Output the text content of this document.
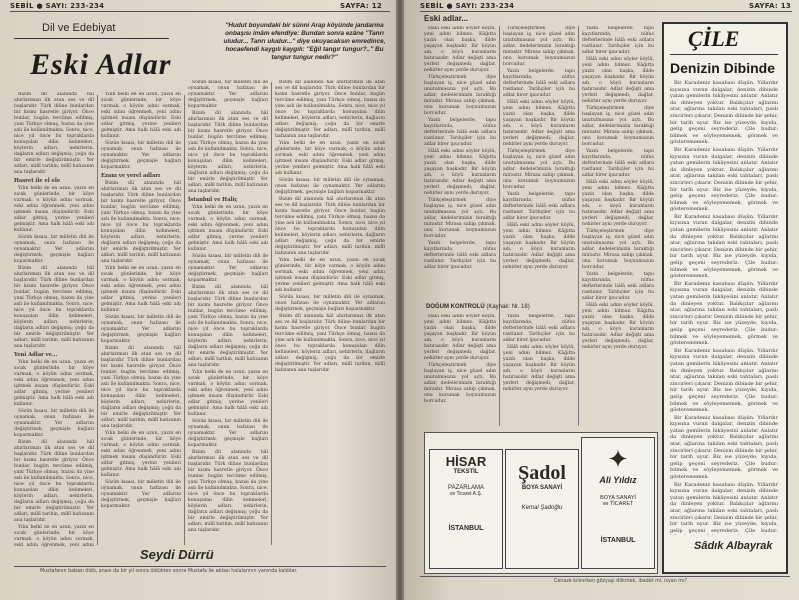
SEBİL ● SAYI: 233-234	SAYFA: 12
Dil ve Edebiyat
Eski Adlar
"Hudut boyundaki bir sünni Arap köyünde jandarma onbaşısı imâm efendiye: Bundan sonra ezâne ''Tanrı uludur... Tanrı uludur...'' diye okuyacaksın emredince, hocaefendi kaygılı kaygılı: ''Eğil tangır tungur?..'' Bu tangur tungur nedir?"

Bizim dil alanında hâl ahırlarımızı ilk atan ses ve dil başlarıdır. Türk diline bunlardan bir kısmı hasretle giriyor. Önce bunlar, bugün tercüme edilmiş, yani Türkçe olmuş, bazısı da yine aslı ile kullanılmakta. Sonra, nice, nice yıl önce bu topraklarda konuşulan dilin kelimeleri, köylerin adları, nehirlerin, dağların adları değişmiş; çoğu da bir emirle değiştirilmiştir. Yer adları, millî tarihin, millî hafızanın ana taşlarıdır.

Hasret ile el ele

Yılın belki de en uzun, yazın en sıcak günlerinde, bir köye varmak, o köyün adını sormak, eski adını öğrenmek, yeni adını işitmek insanı düşündürür. Eski adlar gitmiş, yerine yenileri gelmiştir. Ama halk hâlâ eski adı kullanır.

Sözün kısası, bir milletin dili ile oynamak, onun hafızası ile oynamaktır. Yer adlarını değiştirmek, geçmişle bağları koparmaktır.

Bizim dil alanında hâl ahırlarımızı ilk atan ses ve dil başlarıdır. Türk diline bunlardan bir kısmı hasretle giriyor. Önce bunlar, bugün tercüme edilmiş, yani Türkçe olmuş, bazısı da yine aslı ile kullanılmakta. Sonra, nice, nice yıl önce bu topraklarda konuşulan dilin kelimeleri, köylerin adları, nehirlerin, dağların adları değişmiş; çoğu da bir emirle değiştirilmiştir. Yer adları, millî tarihin, millî hafızanın ana taşlarıdır.

Yeni Adlar ve...

Yılın belki de en uzun, yazın en sıcak günlerinde, bir köye varmak, o köyün adını sormak, eski adını öğrenmek, yeni adını işitmek insanı düşündürür. Eski adlar gitmiş, yerine yenileri gelmiştir. Ama halk hâlâ eski adı kullanır.

Sözün kısası, bir milletin dili ile oynamak, onun hafızası ile oynamaktır. Yer adlarını değiştirmek, geçmişle bağları koparmaktır.

Bizim dil alanında hâl ahırlarımızı ilk atan ses ve dil başlarıdır. Türk diline bunlardan bir kısmı hasretle giriyor. Önce bunlar, bugün tercüme edilmiş, yani Türkçe olmuş, bazısı da yine aslı ile kullanılmakta. Sonra, nice, nice yıl önce bu topraklarda konuşulan dilin kelimeleri, köylerin adları, nehirlerin, dağların adları değişmiş; çoğu da bir emirle değiştirilmiştir. Yer adları, millî tarihin, millî hafızanın ana taşlarıdır.

Yılın belki de en uzun, yazın en sıcak günlerinde, bir köye varmak, o köyün adını sormak, eski adını öğrenmek, yeni adını

Yılın belki de en uzun, yazın en sıcak günlerinde, bir köye varmak, o köyün adını sormak, eski adını öğrenmek, yeni adını işitmek insanı düşündürür. Eski adlar gitmiş, yerine yenileri gelmiştir. Ama halk hâlâ eski adı kullanır.

Sözün kısası, bir milletin dili ile oynamak, onun hafızası ile oynamaktır. Yer adlarını değiştirmek, geçmişle bağları koparmaktır.

Ezanı ve yerel adları

Bizim dil alanında hâl ahırlarımızı ilk atan ses ve dil başlarıdır. Türk diline bunlardan bir kısmı hasretle giriyor. Önce bunlar, bugün tercüme edilmiş, yani Türkçe olmuş, bazısı da yine aslı ile kullanılmakta. Sonra, nice, nice yıl önce bu topraklarda konuşulan dilin kelimeleri, köylerin adları, nehirlerin, dağların adları değişmiş; çoğu da bir emirle değiştirilmiştir. Yer adları, millî tarihin, millî hafızanın ana taşlarıdır.

Yılın belki de en uzun, yazın en sıcak günlerinde, bir köye varmak, o köyün adını sormak, eski adını öğrenmek, yeni adını işitmek insanı düşündürür. Eski adlar gitmiş, yerine yenileri gelmiştir. Ama halk hâlâ eski adı kullanır.

Sözün kısası, bir milletin dili ile oynamak, onun hafızası ile oynamaktır. Yer adlarını değiştirmek, geçmişle bağları koparmaktır.

Bizim dil alanında hâl ahırlarımızı ilk atan ses ve dil başlarıdır. Türk diline bunlardan bir kısmı hasretle giriyor. Önce bunlar, bugün tercüme edilmiş, yani Türkçe olmuş, bazısı da yine aslı ile kullanılmakta. Sonra, nice, nice yıl önce bu topraklarda konuşulan dilin kelimeleri, köylerin adları, nehirlerin, dağların adları değişmiş; çoğu da bir emirle değiştirilmiştir. Yer adları, millî tarihin, millî hafızanın ana taşlarıdır.

Yılın belki de en uzun, yazın en sıcak günlerinde, bir köye varmak, o köyün adını sormak, eski adını öğrenmek, yeni adını işitmek insanı düşündürür. Eski adlar gitmiş, yerine yenileri gelmiştir. Ama halk hâlâ eski adı kullanır.

Sözün kısası, bir milletin dili ile oynamak, onun hafızası ile oynamaktır. Yer adlarını değiştirmek, geçmişle bağları koparmaktır.

Sözün kısası, bir milletin dili ile oynamak, onun hafızası ile oynamaktır. Yer adlarını değiştirmek, geçmişle bağları koparmaktır.

Bizim dil alanında hâl ahırlarımızı ilk atan ses ve dil başlarıdır. Türk diline bunlardan bir kısmı hasretle giriyor. Önce bunlar, bugün tercüme edilmiş, yani Türkçe olmuş, bazısı da yine aslı ile kullanılmakta. Sonra, nice, nice yıl önce bu topraklarda konuşulan dilin kelimeleri, köylerin adları, nehirlerin, dağların adları değişmiş; çoğu da bir emirle değiştirilmiştir. Yer adları, millî tarihin, millî hafızanın ana taşlarıdır.

İstanbul ve Haliç

Yılın belki de en uzun, yazın en sıcak günlerinde, bir köye varmak, o köyün adını sormak, eski adını öğrenmek, yeni adını işitmek insanı düşündürür. Eski adlar gitmiş, yerine yenileri gelmiştir. Ama halk hâlâ eski adı kullanır.

Sözün kısası, bir milletin dili ile oynamak, onun hafızası ile oynamaktır. Yer adlarını değiştirmek, geçmişle bağları koparmaktır.

Bizim dil alanında hâl ahırlarımızı ilk atan ses ve dil başlarıdır. Türk diline bunlardan bir kısmı hasretle giriyor. Önce bunlar, bugün tercüme edilmiş, yani Türkçe olmuş, bazısı da yine aslı ile kullanılmakta. Sonra, nice, nice yıl önce bu topraklarda konuşulan dilin kelimeleri, köylerin adları, nehirlerin, dağların adları değişmiş; çoğu da bir emirle değiştirilmiştir. Yer adları, millî tarihin, millî hafızanın ana taşlarıdır.

Yılın belki de en uzun, yazın en sıcak günlerinde, bir köye varmak, o köyün adını sormak, eski adını öğrenmek, yeni adını işitmek insanı düşündürür. Eski adlar gitmiş, yerine yenileri gelmiştir. Ama halk hâlâ eski adı kullanır.

Sözün kısası, bir milletin dili ile oynamak, onun hafızası ile oynamaktır. Yer adlarını değiştirmek, geçmişle bağları koparmaktır.

Bizim dil alanında hâl ahırlarımızı ilk atan ses ve dil başlarıdır. Türk diline bunlardan bir kısmı hasretle giriyor. Önce bunlar, bugün tercüme edilmiş, yani Türkçe olmuş, bazısı da yine aslı ile kullanılmakta. Sonra, nice, nice yıl önce bu topraklarda konuşulan dilin kelimeleri, köylerin adları, nehirlerin, dağların adları değişmiş; çoğu da bir emirle değiştirilmiştir. Yer adları, millî tarihin, millî hafızanın ana taşlarıdır.

Bizim dil alanında hâl ahırlarımızı ilk atan ses ve dil başlarıdır. Türk diline bunlardan bir kısmı hasretle giriyor. Önce bunlar, bugün tercüme edilmiş, yani Türkçe olmuş, bazısı da yine aslı ile kullanılmakta. Sonra, nice, nice yıl önce bu topraklarda konuşulan dilin kelimeleri, köylerin adları, nehirlerin, dağların adları değişmiş; çoğu da bir emirle değiştirilmiştir. Yer adları, millî tarihin, millî hafızanın ana taşlarıdır.

Yılın belki de en uzun, yazın en sıcak günlerinde, bir köye varmak, o köyün adını sormak, eski adını öğrenmek, yeni adını işitmek insanı düşündürür. Eski adlar gitmiş, yerine yenileri gelmiştir. Ama halk hâlâ eski adı kullanır.

Sözün kısası, bir milletin dili ile oynamak, onun hafızası ile oynamaktır. Yer adlarını değiştirmek, geçmişle bağları koparmaktır.

Bizim dil alanında hâl ahırlarımızı ilk atan ses ve dil başlarıdır. Türk diline bunlardan bir kısmı hasretle giriyor. Önce bunlar, bugün tercüme edilmiş, yani Türkçe olmuş, bazısı da yine aslı ile kullanılmakta. Sonra, nice, nice yıl önce bu topraklarda konuşulan dilin kelimeleri, köylerin adları, nehirlerin, dağların adları değişmiş; çoğu da bir emirle değiştirilmiştir. Yer adları, millî tarihin, millî hafızanın ana taşlarıdır.

Yılın belki de en uzun, yazın en sıcak günlerinde, bir köye varmak, o köyün adını sormak, eski adını öğrenmek, yeni adını işitmek insanı düşündürür. Eski adlar gitmiş, yerine yenileri gelmiştir. Ama halk hâlâ eski adı kullanır.

Sözün kısası, bir milletin dili ile oynamak, onun hafızası ile oynamaktır. Yer adlarını değiştirmek, geçmişle bağları koparmaktır.

Bizim dil alanında hâl ahırlarımızı ilk atan ses ve dil başlarıdır. Türk diline bunlardan bir kısmı hasretle giriyor. Önce bunlar, bugün tercüme edilmiş, yani Türkçe olmuş, bazısı da yine aslı ile kullanılmakta. Sonra, nice, nice yıl önce bu topraklarda konuşulan dilin kelimeleri, köylerin adları, nehirlerin, dağların adları değişmiş; çoğu da bir emirle değiştirilmiştir. Yer adları, millî tarihin, millî hafızanın ana taşlarıdır.

Seydi Dürrü
Mustafanın babası öldü, anası da bir yıl sonra öldükten sonra Mustafa ile ablası halalarının yanında kaldılar.
SEBİL ● SAYI: 233-234	SAYFA: 13
Eski adlar...

Hâlâ eski adını söyler köylü, yeni adını bilmez. Kâğıtta yazılı olan başka, dilde yaşayan başkadır. Bir köyün adı, o köyü kuranların hatırasıdır. Adlar değişti ama yerleri değişmedi; dağlar, nehirler aynı yerde duruyor.

Türkçeleştirmek diye başlayan iş, nice güzel adın unutulmasına yol açtı. Bu adlar, dedelerimizin bıraktığı mirastır. Mirasa sahip çıkmak, onu korumak boynumuzun borcudur.

Yazılı belgelerde, tapu kayıtlarında, nüfus defterlerinde hâlâ eski adlara rastlanır. Tarihçiler için bu adlar birer ipucudur.

Hâlâ eski adını söyler köylü, yeni adını bilmez. Kâğıtta yazılı olan başka, dilde yaşayan başkadır. Bir köyün adı, o köyü kuranların hatırasıdır. Adlar değişti ama yerleri değişmedi; dağlar, nehirler aynı yerde duruyor.

Türkçeleştirmek diye başlayan iş, nice güzel adın unutulmasına yol açtı. Bu adlar, dedelerimizin bıraktığı mirastır. Mirasa sahip çıkmak, onu korumak boynumuzun borcudur.

Yazılı belgelerde, tapu kayıtlarında, nüfus defterlerinde hâlâ eski adlara rastlanır. Tarihçiler için bu adlar birer ipucudur.

Türkçeleştirmek diye başlayan iş, nice güzel adın unutulmasına yol açtı. Bu adlar, dedelerimizin bıraktığı mirastır. Mirasa sahip çıkmak, onu korumak boynumuzun borcudur.

Yazılı belgelerde, tapu kayıtlarında, nüfus defterlerinde hâlâ eski adlara rastlanır. Tarihçiler için bu adlar birer ipucudur.

Hâlâ eski adını söyler köylü, yeni adını bilmez. Kâğıtta yazılı olan başka, dilde yaşayan başkadır. Bir köyün adı, o köyü kuranların hatırasıdır. Adlar değişti ama yerleri değişmedi; dağlar, nehirler aynı yerde duruyor.

Türkçeleştirmek diye başlayan iş, nice güzel adın unutulmasına yol açtı. Bu adlar, dedelerimizin bıraktığı mirastır. Mirasa sahip çıkmak, onu korumak boynumuzun borcudur.

Yazılı belgelerde, tapu kayıtlarında, nüfus defterlerinde hâlâ eski adlara rastlanır. Tarihçiler için bu adlar birer ipucudur.

Hâlâ eski adını söyler köylü, yeni adını bilmez. Kâğıtta yazılı olan başka, dilde yaşayan başkadır. Bir köyün adı, o köyü kuranların hatırasıdır. Adlar değişti ama yerleri değişmedi; dağlar, nehirler aynı yerde duruyor.

Yazılı belgelerde, tapu kayıtlarında, nüfus defterlerinde hâlâ eski adlara rastlanır. Tarihçiler için bu adlar birer ipucudur.

Hâlâ eski adını söyler köylü, yeni adını bilmez. Kâğıtta yazılı olan başka, dilde yaşayan başkadır. Bir köyün adı, o köyü kuranların hatırasıdır. Adlar değişti ama yerleri değişmedi; dağlar, nehirler aynı yerde duruyor.

Türkçeleştirmek diye başlayan iş, nice güzel adın unutulmasına yol açtı. Bu adlar, dedelerimizin bıraktığı mirastır. Mirasa sahip çıkmak, onu korumak boynumuzun borcudur.

Yazılı belgelerde, tapu kayıtlarında, nüfus defterlerinde hâlâ eski adlara rastlanır. Tarihçiler için bu adlar birer ipucudur.

Hâlâ eski adını söyler köylü, yeni adını bilmez. Kâğıtta yazılı olan başka, dilde yaşayan başkadır. Bir köyün adı, o köyü kuranların hatırasıdır. Adlar değişti ama yerleri değişmedi; dağlar, nehirler aynı yerde duruyor.

Türkçeleştirmek diye başlayan iş, nice güzel adın unutulmasına yol açtı. Bu adlar, dedelerimizin bıraktığı mirastır. Mirasa sahip çıkmak, onu korumak boynumuzun borcudur.

Yazılı belgelerde, tapu kayıtlarında, nüfus defterlerinde hâlâ eski adlara rastlanır. Tarihçiler için bu adlar birer ipucudur.

Hâlâ eski adını söyler köylü, yeni adını bilmez. Kâğıtta yazılı olan başka, dilde yaşayan başkadır. Bir köyün adı, o köyü kuranların hatırasıdır. Adlar değişti ama yerleri değişmedi; dağlar, nehirler aynı yerde duruyor.

DOĞUM KONTROLÜ (Kaynak: Nr. 18)

Hâlâ eski adını söyler köylü, yeni adını bilmez. Kâğıtta yazılı olan başka, dilde yaşayan başkadır. Bir köyün adı, o köyü kuranların hatırasıdır. Adlar değişti ama yerleri değişmedi; dağlar, nehirler aynı yerde duruyor.

Türkçeleştirmek diye başlayan iş, nice güzel adın unutulmasına yol açtı. Bu adlar, dedelerimizin bıraktığı mirastır. Mirasa sahip çıkmak, onu korumak boynumuzun borcudur.

Yazılı belgelerde, tapu kayıtlarında, nüfus defterlerinde hâlâ eski adlara rastlanır. Tarihçiler için bu adlar birer ipucudur.

Hâlâ eski adını söyler köylü, yeni adını bilmez. Kâğıtta yazılı olan başka, dilde yaşayan başkadır. Bir köyün adı, o köyü kuranların hatırasıdır. Adlar değişti ama yerleri değişmedi; dağlar, nehirler aynı yerde duruyor.

HİSAR
TEKSTİL
PAZARLAMA
ve Ticaret A.Ş.
İSTANBUL
Şadol
BOYA SANAYİ
Kemal Şadoğlu
✦
Ali Yıldız
BOYA SANAYİ
ve TİCARET
İSTANBUL
ÇİLE
Denizin Dibinde

Bir Karadeniz kasabası düşün. Yıllardır kıyısına vuran dalgalar, denizin dibinde yatan gemilerin hikâyesini anlatır. Anlatır da dinleyen yoktur. Balıkçılar ağlarını atar, ağlarına takılan eski tahtaları, paslı zincirleri çıkarır. Denizin dibinde bir şehir, bir tarih uyur. Biz ise yüzeyde, kıyıda, gelip geçeni seyrederiz. Çile budur: bilmek ve söyleyememek, görmek ve gösterememek.

Bir Karadeniz kasabası düşün. Yıllardır kıyısına vuran dalgalar, denizin dibinde yatan gemilerin hikâyesini anlatır. Anlatır da dinleyen yoktur. Balıkçılar ağlarını atar, ağlarına takılan eski tahtaları, paslı zincirleri çıkarır. Denizin dibinde bir şehir, bir tarih uyur. Biz ise yüzeyde, kıyıda, gelip geçeni seyrederiz. Çile budur: bilmek ve söyleyememek, görmek ve gösterememek.

Bir Karadeniz kasabası düşün. Yıllardır kıyısına vuran dalgalar, denizin dibinde yatan gemilerin hikâyesini anlatır. Anlatır da dinleyen yoktur. Balıkçılar ağlarını atar, ağlarına takılan eski tahtaları, paslı zincirleri çıkarır. Denizin dibinde bir şehir, bir tarih uyur. Biz ise yüzeyde, kıyıda, gelip geçeni seyrederiz. Çile budur: bilmek ve söyleyememek, görmek ve gösterememek.

Bir Karadeniz kasabası düşün. Yıllardır kıyısına vuran dalgalar, denizin dibinde yatan gemilerin hikâyesini anlatır. Anlatır da dinleyen yoktur. Balıkçılar ağlarını atar, ağlarına takılan eski tahtaları, paslı zincirleri çıkarır. Denizin dibinde bir şehir, bir tarih uyur. Biz ise yüzeyde, kıyıda, gelip geçeni seyrederiz. Çile budur: bilmek ve söyleyememek, görmek ve gösterememek.

Bir Karadeniz kasabası düşün. Yıllardır kıyısına vuran dalgalar, denizin dibinde yatan gemilerin hikâyesini anlatır. Anlatır da dinleyen yoktur. Balıkçılar ağlarını atar, ağlarına takılan eski tahtaları, paslı zincirleri çıkarır. Denizin dibinde bir şehir, bir tarih uyur. Biz ise yüzeyde, kıyıda, gelip geçeni seyrederiz. Çile budur: bilmek ve söyleyememek, görmek ve gösterememek.

Bir Karadeniz kasabası düşün. Yıllardır kıyısına vuran dalgalar, denizin dibinde yatan gemilerin hikâyesini anlatır. Anlatır da dinleyen yoktur. Balıkçılar ağlarını atar, ağlarına takılan eski tahtaları, paslı zincirleri çıkarır. Denizin dibinde bir şehir, bir tarih uyur. Biz ise yüzeyde, kıyıda, gelip geçeni seyrederiz. Çile budur: bilmek ve söyleyememek, görmek ve gösterememek.

Bir Karadeniz kasabası düşün. Yıllardır kıyısına vuran dalgalar, denizin dibinde yatan gemilerin hikâyesini anlatır. Anlatır da dinleyen yoktur. Balıkçılar ağlarını atar, ağlarına takılan eski tahtaları, paslı zincirleri çıkarır. Denizin dibinde bir şehir, bir tarih uyur. Biz ise yüzeyde, kıyıda, gelip geçeni seyrederiz. Çile budur:

Sâdık Albayrak
Cenaze kılınırken gözyaşı dökmek, ibadet mi, isyan mı?
